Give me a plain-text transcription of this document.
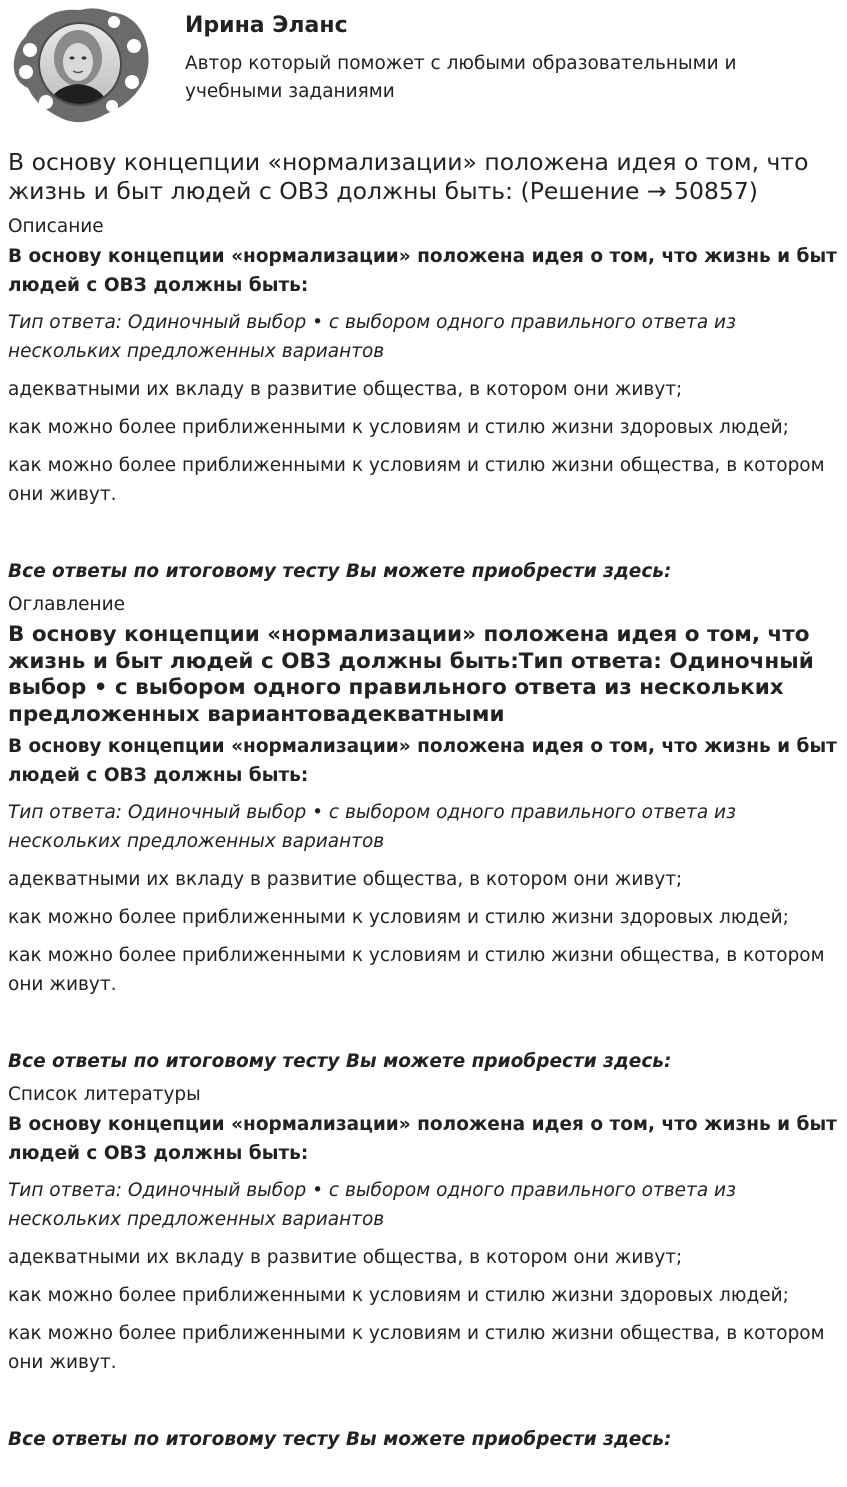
Ирина Эланс
Автор который поможет с любыми образовательными и учебными заданиями
В основу концепции «нормализации» положена идея о том, что жизнь и быт людей с ОВЗ должны быть: (Решение → 50857)
Описание
В основу концепции «нормализации» положена идея о том, что жизнь и быт людей с ОВЗ должны быть:
Тип ответа: Одиночный выбор • с выбором одного правильного ответа из нескольких предложенных вариантов
адекватными их вкладу в развитие общества, в котором они живут;
как можно более приближенными к условиям и стилю жизни здоровых людей;
как можно более приближенными к условиям и стилю жизни общества, в котором они живут.
Все ответы по итоговому тесту Вы можете приобрести здесь:
Оглавление
В основу концепции «нормализации» положена идея о том, что жизнь и быт людей с ОВЗ должны быть:Тип ответа: Одиночный выбор • с выбором одного правильного ответа из нескольких предложенных вариантовадекватными
В основу концепции «нормализации» положена идея о том, что жизнь и быт людей с ОВЗ должны быть:
Тип ответа: Одиночный выбор • с выбором одного правильного ответа из нескольких предложенных вариантов
адекватными их вкладу в развитие общества, в котором они живут;
как можно более приближенными к условиям и стилю жизни здоровых людей;
как можно более приближенными к условиям и стилю жизни общества, в котором они живут.
Все ответы по итоговому тесту Вы можете приобрести здесь:
Список литературы
В основу концепции «нормализации» положена идея о том, что жизнь и быт людей с ОВЗ должны быть:
Тип ответа: Одиночный выбор • с выбором одного правильного ответа из нескольких предложенных вариантов
адекватными их вкладу в развитие общества, в котором они живут;
как можно более приближенными к условиям и стилю жизни здоровых людей;
как можно более приближенными к условиям и стилю жизни общества, в котором они живут.
Все ответы по итоговому тесту Вы можете приобрести здесь:
